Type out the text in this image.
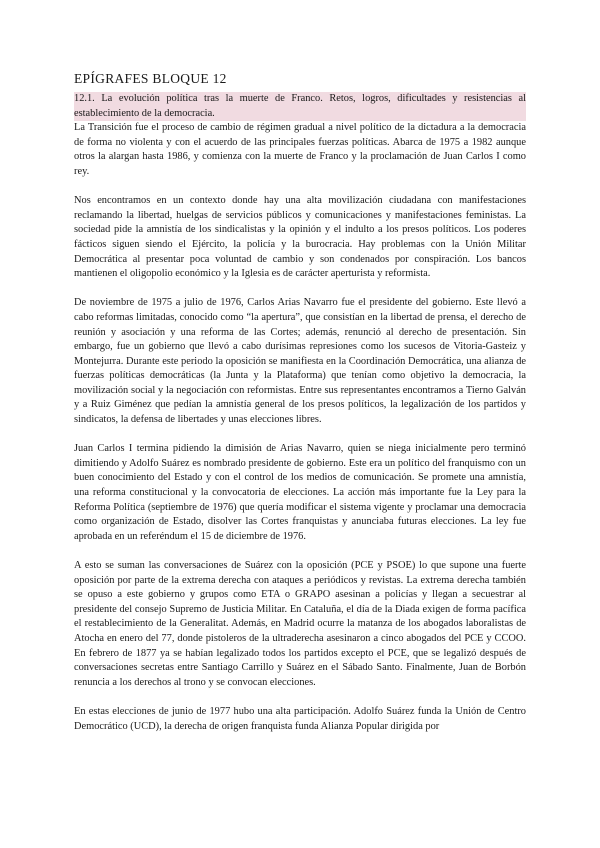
EPÍGRAFES BLOQUE 12
12.1. La evolución política tras la muerte de Franco. Retos, logros, dificultades y resistencias al establecimiento de la democracia.

La Transición fue el proceso de cambio de régimen gradual a nivel político de la dictadura a la democracia de forma no violenta y con el acuerdo de las principales fuerzas políticas. Abarca de 1975 a 1982 aunque otros la alargan hasta 1986, y comienza con la muerte de Franco y la proclamación de Juan Carlos I como rey.

Nos encontramos en un contexto donde hay una alta movilización ciudadana con manifestaciones reclamando la libertad, huelgas de servicios públicos y comunicaciones y manifestaciones feministas. La sociedad pide la amnistía de los sindicalistas y la opinión y el indulto a los presos políticos. Los poderes fácticos siguen siendo el Ejército, la policía y la burocracia. Hay problemas con la Unión Militar Democrática al presentar poca voluntad de cambio y son condenados por conspiración. Los bancos mantienen el oligopolio económico y la Iglesia es de carácter aperturista y reformista.

De noviembre de 1975 a julio de 1976, Carlos Arias Navarro fue el presidente del gobierno. Este llevó a cabo reformas limitadas, conocido como “la apertura”, que consistían en la libertad de prensa, el derecho de reunión y asociación y una reforma de las Cortes; además, renunció al derecho de presentación. Sin embargo, fue un gobierno que llevó a cabo durísimas represiones como los sucesos de Vitoria-Gasteiz y Montejurra. Durante este periodo la oposición se manifiesta en la Coordinación Democrática, una alianza de fuerzas políticas democráticas (la Junta y la Plataforma) que tenían como objetivo la democracia, la movilización social y la negociación con reformistas. Entre sus representantes encontramos a Tierno Galván y a Ruiz Giménez que pedían la amnistía general de los presos políticos, la legalización de los partidos y sindicatos, la defensa de libertades y unas elecciones libres.

Juan Carlos I termina pidiendo la dimisión de Arias Navarro, quien se niega inicialmente pero terminó dimitiendo y Adolfo Suárez es nombrado presidente de gobierno. Este era un político del franquismo con un buen conocimiento del Estado y con el control de los medios de comunicación. Se promete una amnistía, una reforma constitucional y la convocatoria de elecciones. La acción más importante fue la Ley para la Reforma Política (septiembre de 1976) que quería modificar el sistema vigente y proclamar una democracia como organización de Estado, disolver las Cortes franquistas y anunciaba futuras elecciones. La ley fue aprobada en un referéndum el 15 de diciembre de 1976.

A esto se suman las conversaciones de Suárez con la oposición (PCE y PSOE) lo que supone una fuerte oposición por parte de la extrema derecha con ataques a periódicos y revistas. La extrema derecha también se opuso a este gobierno y grupos como ETA o GRAPO asesinan a policías y llegan a secuestrar al presidente del consejo Supremo de Justicia Militar. En Cataluña, el día de la Diada exigen de forma pacífica el restablecimiento de la Generalitat. Además, en Madrid ocurre la matanza de los abogados laboralistas de Atocha en enero del 77, donde pistoleros de la ultraderecha asesinaron a cinco abogados del PCE y CCOO. En febrero de 1877 ya se habían legalizado todos los partidos excepto el PCE, que se legalizó después de conversaciones secretas entre Santiago Carrillo y Suárez en el Sábado Santo. Finalmente, Juan de Borbón renuncia a los derechos al trono y se convocan elecciones.

En estas elecciones de junio de 1977 hubo una alta participación. Adolfo Suárez funda la Unión de Centro Democrático (UCD), la derecha de origen franquista funda Alianza Popular dirigida por
